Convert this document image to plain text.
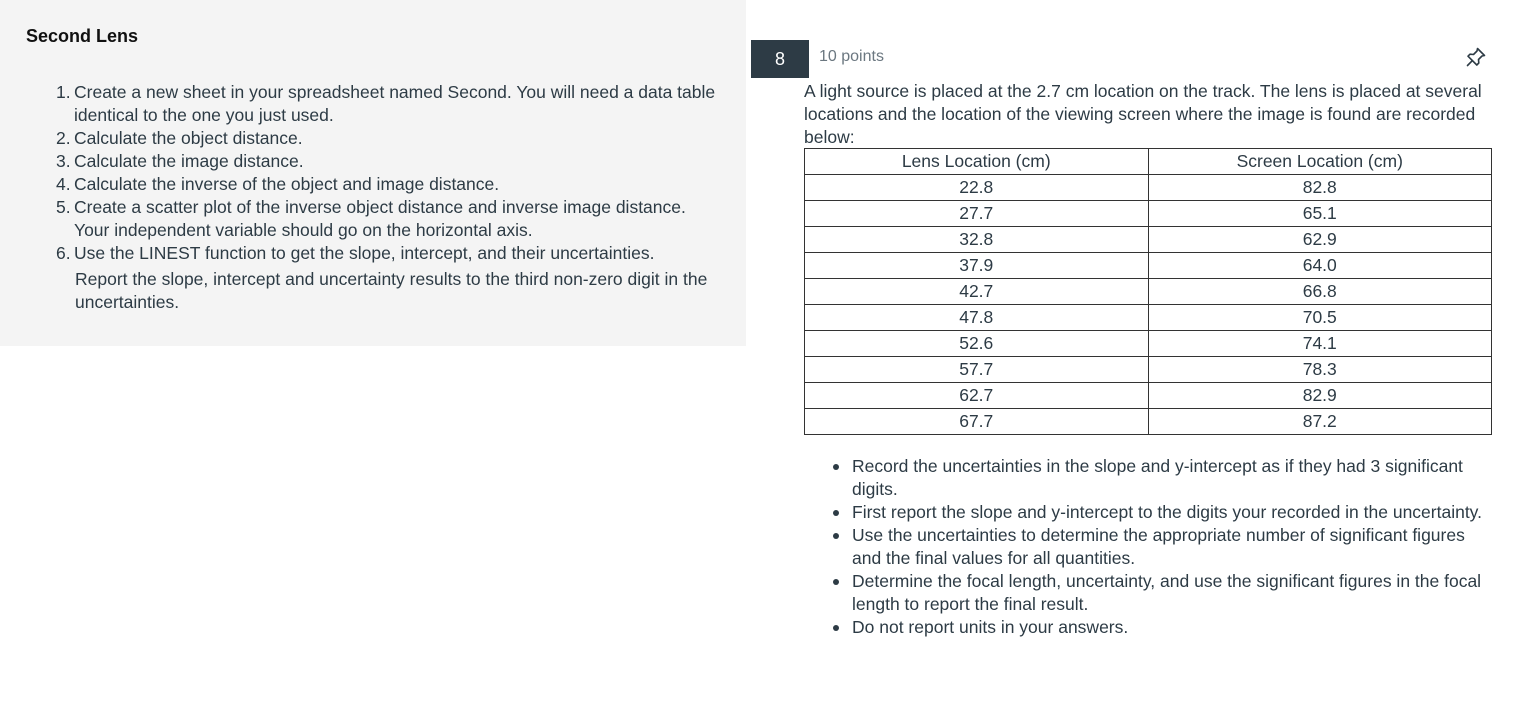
Second Lens
1. Create a new sheet in your spreadsheet named Second. You will need a data table identical to the one you just used.
2. Calculate the object distance.
3. Calculate the image distance.
4. Calculate the inverse of the object and image distance.
5. Create a scatter plot of the inverse object distance and inverse image distance. Your independent variable should go on the horizontal axis.
6. Use the LINEST function to get the slope, intercept, and their uncertainties.

Report the slope, intercept and uncertainty results to the third non-zero digit in the uncertainties.

8	10 points

A light source is placed at the 2.7 cm location on the track. The lens is placed at several locations and the location of the viewing screen where the image is found are recorded below:

Lens Location (cm)	Screen Location (cm)
22.8	82.8
27.7	65.1
32.8	62.9
37.9	64.0
42.7	66.8
47.8	70.5
52.6	74.1
57.7	78.3
62.7	82.9
67.7	87.2
Record the uncertainties in the slope and y-intercept as if they had 3 significant digits.
First report the slope and y-intercept to the digits your recorded in the uncertainty.
Use the uncertainties to determine the appropriate number of significant figures and the final values for all quantities.
Determine the focal length, uncertainty, and use the significant figures in the focal length to report the final result.
Do not report units in your answers.
